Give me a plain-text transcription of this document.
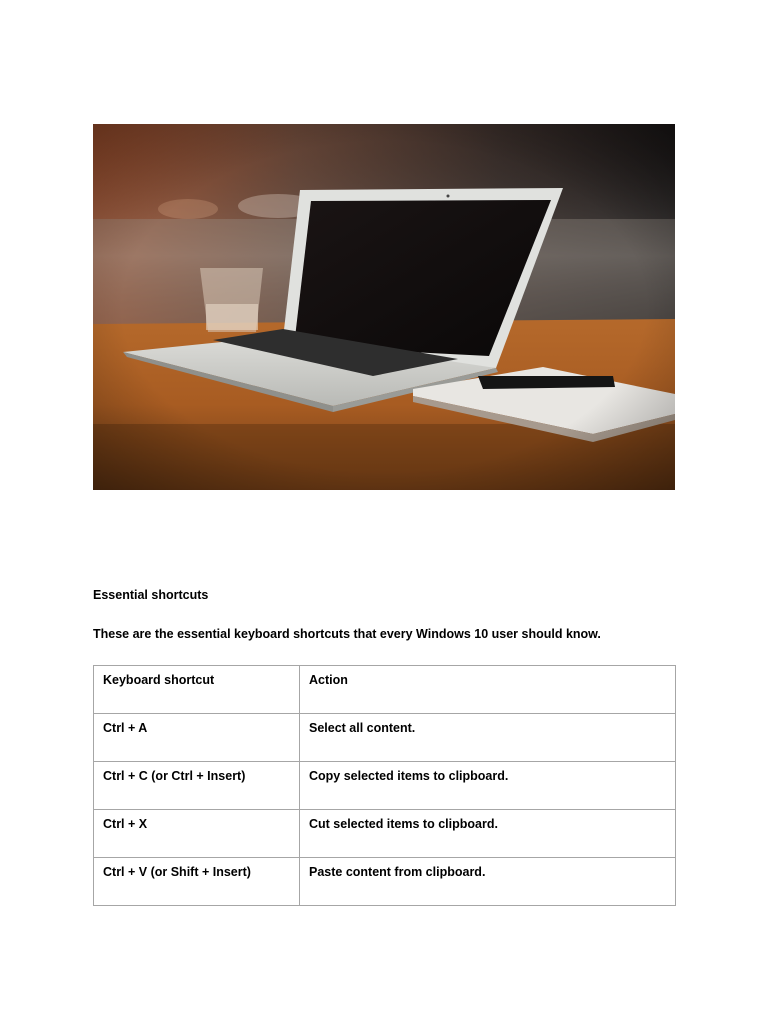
Essential shortcuts
These are the essential keyboard shortcuts that every Windows 10 user should know.
Keyboard shortcut	Action
Ctrl + A	Select all content.
Ctrl + C (or Ctrl + Insert)	Copy selected items to clipboard.
Ctrl + X	Cut selected items to clipboard.
Ctrl + V (or Shift + Insert)	Paste content from clipboard.
